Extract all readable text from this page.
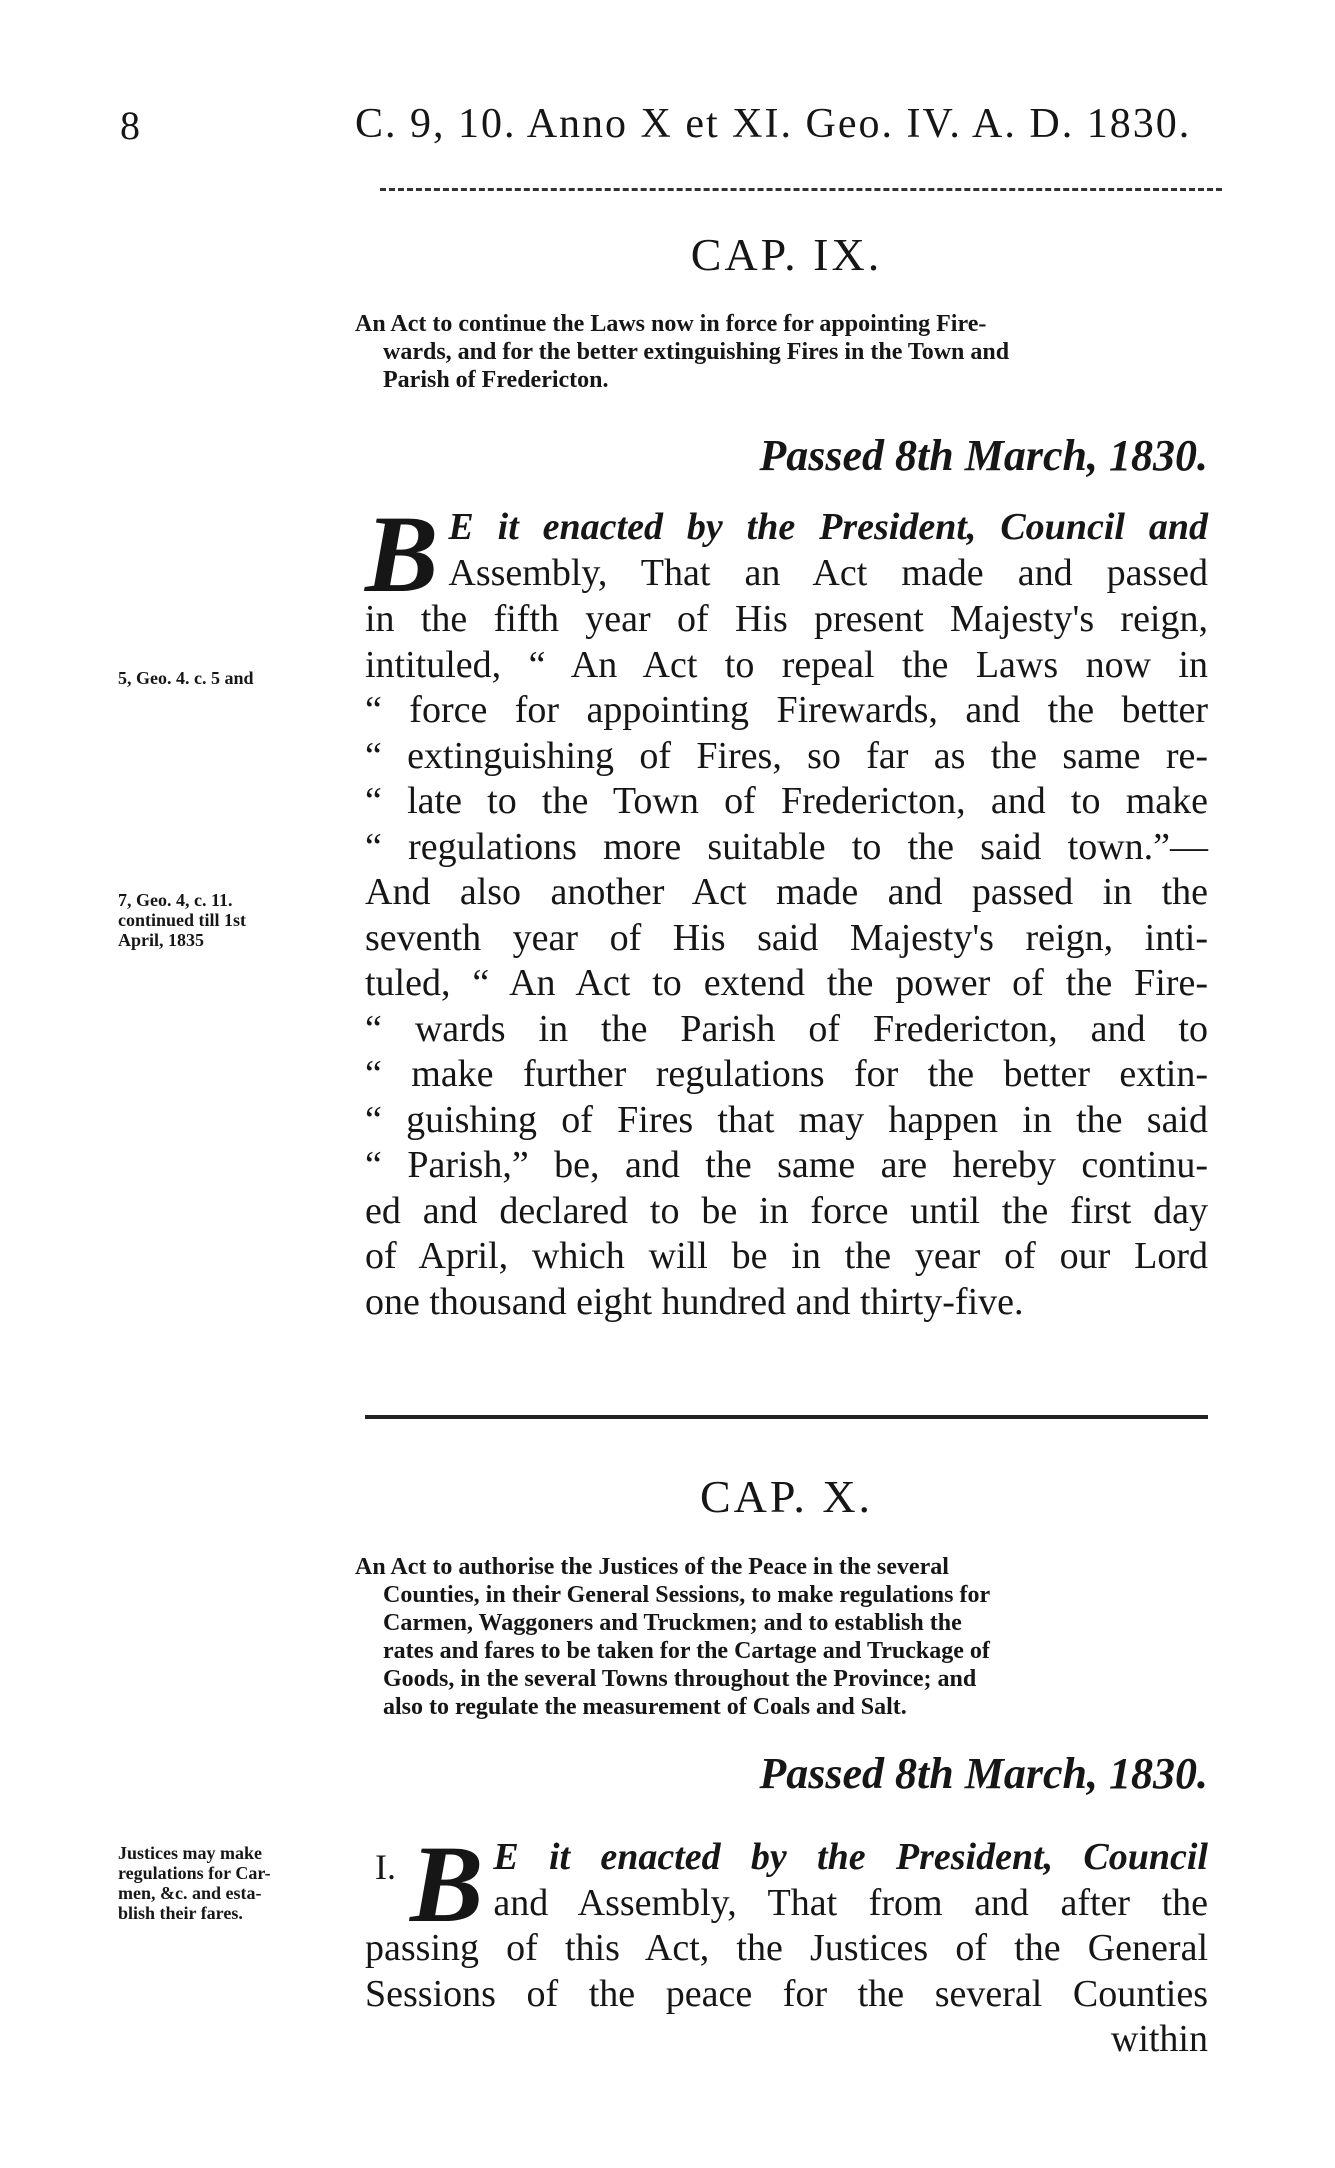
8	C. 9, 10. Anno X et XI. Geo. IV. A. D. 1830.
CAP. IX.
An Act to continue the Laws now in force for appointing Fire-
wards, and for the better extinguishing Fires in the Town and
Parish of Fredericton.
Passed 8th March, 1830.
5, Geo. 4. c. 5 and
7, Geo. 4, c. 11.
continued till 1st
April, 1835
B E it enacted by the President, Council and
Assembly, That an Act made and passed
in the fifth year of His present Majesty's reign,
intituled, “ An Act to repeal the Laws now in
“ force for appointing Firewards, and the better
“ extinguishing of Fires, so far as the same re-
“ late to the Town of Fredericton, and to make
“ regulations more suitable to the said town.”—
And also another Act made and passed in the
seventh year of His said Majesty's reign, inti-
tuled, “ An Act to extend the power of the Fire-
“ wards in the Parish of Fredericton, and to
“ make further regulations for the better extin-
“ guishing of Fires that may happen in the said
“ Parish,” be, and the same are hereby continu-
ed and declared to be in force until the first day
of April, which will be in the year of our Lord
one thousand eight hundred and thirty-five.
CAP. X.
An Act to authorise the Justices of the Peace in the several
Counties, in their General Sessions, to make regulations for
Carmen, Waggoners and Truckmen; and to establish the
rates and fares to be taken for the Cartage and Truckage of
Goods, in the several Towns throughout the Province; and
also to regulate the measurement of Coals and Salt.
Passed 8th March, 1830.
Justices may make
regulations for Car-
men, &c. and esta-
blish their fares.
I. B E it enacted by the President, Council
and Assembly, That from and after the
passing of this Act, the Justices of the General
Sessions of the peace for the several Counties
within
